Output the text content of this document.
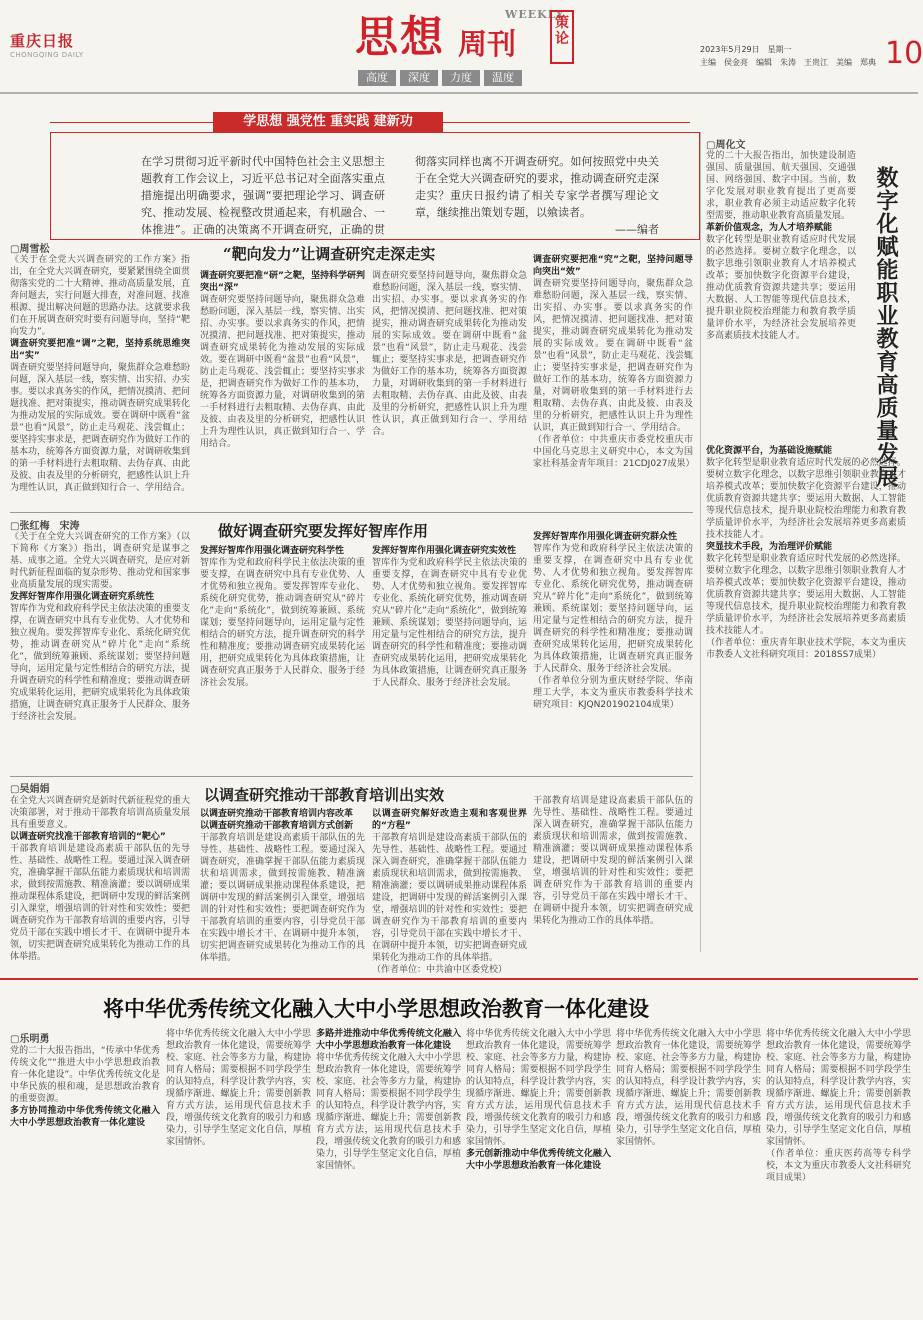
重庆日报
CHONGQING DAILY
WEEKLY
思想 周刊
策论
高度	深度	力度	温度
2023年5月29日　星期一
主编　侯金亮　编辑　朱涛　王贵江　美编　郑典 10
学思想 强党性 重实践 建新功
在学习贯彻习近平新时代中国特色社会主义思想主题教育工作会议上，习近平总书记对全面落实重点措施提出明确要求，强调“要把理论学习、调查研究、推动发展、检视整改贯通起来，有机融合、一体推进”。正确的决策离不开调查研究，正确的贯彻落实同样也离不开调查研究。如何按照党中央关于在全党大兴调查研究的要求，推动调查研究走深走实？重庆日报约请了相关专家学者撰写理论文章，继续推出策划专题，以飨读者。
——编者
▢周雪松	“靶向发力”让调查研究走深走实
《关于在全党大兴调查研究的工作方案》指出，在全党大兴调查研究，要紧紧围绕全面贯彻落实党的二十大精神、推动高质量发展，直奔问题去，实行问题大排查，对准问题、找准根源、提出解决问题的思路办法。这就要求我们在开展调查研究时要有问题导向，坚持“靶向发力”。
调查研究要把准“调”之靶，坚持系统思维突出“实”
调查研究要坚持问题导向，聚焦群众急难愁盼问题，深入基层一线，察实情、出实招、办实事。要以求真务实的作风，把情况摸清、把问题找准、把对策提实，推动调查研究成果转化为推动发展的实际成效。要在调研中既看“盆景”也看“风景”，防止走马观花、浅尝辄止；要坚持实事求是，把调查研究作为做好工作的基本功，统筹各方面资源力量，对调研收集到的第一手材料进行去粗取精、去伪存真、由此及彼、由表及里的分析研究，把感性认识上升为理性认识，真正做到知行合一、学用结合。
调查研究要把准“研”之靶，坚持科学研判突出“深”
调查研究要坚持问题导向，聚焦群众急难愁盼问题，深入基层一线，察实情、出实招、办实事。要以求真务实的作风，把情况摸清、把问题找准、把对策提实，推动调查研究成果转化为推动发展的实际成效。要在调研中既看“盆景”也看“风景”，防止走马观花、浅尝辄止；要坚持实事求是，把调查研究作为做好工作的基本功，统筹各方面资源力量，对调研收集到的第一手材料进行去粗取精、去伪存真、由此及彼、由表及里的分析研究，把感性认识上升为理性认识，真正做到知行合一、学用结合。
调查研究要坚持问题导向，聚焦群众急难愁盼问题，深入基层一线，察实情、出实招、办实事。要以求真务实的作风，把情况摸清、把问题找准、把对策提实，推动调查研究成果转化为推动发展的实际成效。要在调研中既看“盆景”也看“风景”，防止走马观花、浅尝辄止；要坚持实事求是，把调查研究作为做好工作的基本功，统筹各方面资源力量，对调研收集到的第一手材料进行去粗取精、去伪存真、由此及彼、由表及里的分析研究，把感性认识上升为理性认识，真正做到知行合一、学用结合。
调查研究要把准“究”之靶，坚持问题导向突出“效”
调查研究要坚持问题导向，聚焦群众急难愁盼问题，深入基层一线，察实情、出实招、办实事。要以求真务实的作风，把情况摸清、把问题找准、把对策提实，推动调查研究成果转化为推动发展的实际成效。要在调研中既看“盆景”也看“风景”，防止走马观花、浅尝辄止；要坚持实事求是，把调查研究作为做好工作的基本功，统筹各方面资源力量，对调研收集到的第一手材料进行去粗取精、去伪存真、由此及彼、由表及里的分析研究，把感性认识上升为理性认识，真正做到知行合一、学用结合。
（作者单位：中共重庆市委党校重庆市中国化马克思主义研究中心，本文为国家社科基金青年项目：21CDJ027成果）
▢张红梅　宋涛	做好调查研究要发挥好智库作用
《关于在全党大兴调查研究的工作方案》（以下简称《方案》）指出，调查研究是谋事之基、成事之道。全党大兴调查研究，是应对新时代新征程面临的复杂形势、推动党和国家事业高质量发展的现实需要。
发挥好智库作用强化调查研究系统性
智库作为党和政府科学民主依法决策的重要支撑，在调查研究中具有专业优势、人才优势和独立视角。要发挥智库专业化、系统化研究优势，推动调查研究从“碎片化”走向“系统化”，做到统筹兼顾、系统谋划；要坚持问题导向，运用定量与定性相结合的研究方法，提升调查研究的科学性和精准度；要推动调查研究成果转化运用，把研究成果转化为具体政策措施，让调查研究真正服务于人民群众、服务于经济社会发展。
发挥好智库作用强化调查研究科学性
智库作为党和政府科学民主依法决策的重要支撑，在调查研究中具有专业优势、人才优势和独立视角。要发挥智库专业化、系统化研究优势，推动调查研究从“碎片化”走向“系统化”，做到统筹兼顾、系统谋划；要坚持问题导向，运用定量与定性相结合的研究方法，提升调查研究的科学性和精准度；要推动调查研究成果转化运用，把研究成果转化为具体政策措施，让调查研究真正服务于人民群众、服务于经济社会发展。
发挥好智库作用强化调查研究实效性
智库作为党和政府科学民主依法决策的重要支撑，在调查研究中具有专业优势、人才优势和独立视角。要发挥智库专业化、系统化研究优势，推动调查研究从“碎片化”走向“系统化”，做到统筹兼顾、系统谋划；要坚持问题导向，运用定量与定性相结合的研究方法，提升调查研究的科学性和精准度；要推动调查研究成果转化运用，把研究成果转化为具体政策措施，让调查研究真正服务于人民群众、服务于经济社会发展。
发挥好智库作用强化调查研究群众性
智库作为党和政府科学民主依法决策的重要支撑，在调查研究中具有专业优势、人才优势和独立视角。要发挥智库专业化、系统化研究优势，推动调查研究从“碎片化”走向“系统化”，做到统筹兼顾、系统谋划；要坚持问题导向，运用定量与定性相结合的研究方法，提升调查研究的科学性和精准度；要推动调查研究成果转化运用，把研究成果转化为具体政策措施，让调查研究真正服务于人民群众、服务于经济社会发展。
（作者单位分别为重庆财经学院、华南理工大学，本文为重庆市教委科学技术研究项目：KJQN201902104成果）
▢吴娟娟	以调查研究推动干部教育培训出实效
在全党大兴调查研究是新时代新征程党的重大决策部署，对于推动干部教育培训高质量发展具有重要意义。
以调查研究找准干部教育培训的“靶心”
干部教育培训是建设高素质干部队伍的先导性、基础性、战略性工程。要通过深入调查研究，准确掌握干部队伍能力素质现状和培训需求，做到按需施教、精准滴灌；要以调研成果推动课程体系建设，把调研中发现的鲜活案例引入课堂，增强培训的针对性和实效性；要把调查研究作为干部教育培训的重要内容，引导党员干部在实践中增长才干、在调研中提升本领，切实把调查研究成果转化为推动工作的具体举措。
以调查研究推动干部教育培训内容改革
以调查研究推动干部教育培训方式创新
干部教育培训是建设高素质干部队伍的先导性、基础性、战略性工程。要通过深入调查研究，准确掌握干部队伍能力素质现状和培训需求，做到按需施教、精准滴灌；要以调研成果推动课程体系建设，把调研中发现的鲜活案例引入课堂，增强培训的针对性和实效性；要把调查研究作为干部教育培训的重要内容，引导党员干部在实践中增长才干、在调研中提升本领，切实把调查研究成果转化为推动工作的具体举措。
以调查研究解好改造主观和客观世界的“方程”
干部教育培训是建设高素质干部队伍的先导性、基础性、战略性工程。要通过深入调查研究，准确掌握干部队伍能力素质现状和培训需求，做到按需施教、精准滴灌；要以调研成果推动课程体系建设，把调研中发现的鲜活案例引入课堂，增强培训的针对性和实效性；要把调查研究作为干部教育培训的重要内容，引导党员干部在实践中增长才干、在调研中提升本领，切实把调查研究成果转化为推动工作的具体举措。
（作者单位：中共渝中区委党校）
干部教育培训是建设高素质干部队伍的先导性、基础性、战略性工程。要通过深入调查研究，准确掌握干部队伍能力素质现状和培训需求，做到按需施教、精准滴灌；要以调研成果推动课程体系建设，把调研中发现的鲜活案例引入课堂，增强培训的针对性和实效性；要把调查研究作为干部教育培训的重要内容，引导党员干部在实践中增长才干、在调研中提升本领，切实把调查研究成果转化为推动工作的具体举措。
▢周化文
数字化赋能职业教育高质量发展
党的二十大报告指出，加快建设制造强国、质量强国、航天强国、交通强国、网络强国、数字中国。当前，数字化发展对职业教育提出了更高要求，职业教育必须主动适应数字化转型需要，推动职业教育高质量发展。
革新价值观念，为人才培养赋能
数字化转型是职业教育适应时代发展的必然选择。要树立数字化理念，以数字思维引领职业教育人才培养模式改革；要加快数字化资源平台建设，推动优质教育资源共建共享；要运用大数据、人工智能等现代信息技术，提升职业院校治理能力和教育教学质量评价水平，为经济社会发展培养更多高素质技术技能人才。
优化资源平台，为基础设施赋能
数字化转型是职业教育适应时代发展的必然选择。要树立数字化理念，以数字思维引领职业教育人才培养模式改革；要加快数字化资源平台建设，推动优质教育资源共建共享；要运用大数据、人工智能等现代信息技术，提升职业院校治理能力和教育教学质量评价水平，为经济社会发展培养更多高素质技术技能人才。
突显技术手段，为治理评价赋能
数字化转型是职业教育适应时代发展的必然选择。要树立数字化理念，以数字思维引领职业教育人才培养模式改革；要加快数字化资源平台建设，推动优质教育资源共建共享；要运用大数据、人工智能等现代信息技术，提升职业院校治理能力和教育教学质量评价水平，为经济社会发展培养更多高素质技术技能人才。
（作者单位：重庆青年职业技术学院，本文为重庆市教委人文社科研究项目：2018SS7成果）
将中华优秀传统文化融入大中小学思想政治教育一体化建设
▢乐明勇
党的二十大报告指出，“传承中华优秀传统文化”“推进大中小学思想政治教育一体化建设”。中华优秀传统文化是中华民族的根和魂，是思想政治教育的重要资源。
多方协同推动中华优秀传统文化融入大中小学思想政治教育一体化建设
将中华优秀传统文化融入大中小学思想政治教育一体化建设，需要统筹学校、家庭、社会等多方力量，构建协同育人格局；需要根据不同学段学生的认知特点，科学设计教学内容，实现循序渐进、螺旋上升；需要创新教育方式方法，运用现代信息技术手段，增强传统文化教育的吸引力和感染力，引导学生坚定文化自信，厚植家国情怀。
多路并进推动中华优秀传统文化融入大中小学思想政治教育一体化建设
将中华优秀传统文化融入大中小学思想政治教育一体化建设，需要统筹学校、家庭、社会等多方力量，构建协同育人格局；需要根据不同学段学生的认知特点，科学设计教学内容，实现循序渐进、螺旋上升；需要创新教育方式方法，运用现代信息技术手段，增强传统文化教育的吸引力和感染力，引导学生坚定文化自信，厚植家国情怀。
将中华优秀传统文化融入大中小学思想政治教育一体化建设，需要统筹学校、家庭、社会等多方力量，构建协同育人格局；需要根据不同学段学生的认知特点，科学设计教学内容，实现循序渐进、螺旋上升；需要创新教育方式方法，运用现代信息技术手段，增强传统文化教育的吸引力和感染力，引导学生坚定文化自信，厚植家国情怀。
多元创新推动中华优秀传统文化融入大中小学思想政治教育一体化建设
将中华优秀传统文化融入大中小学思想政治教育一体化建设，需要统筹学校、家庭、社会等多方力量，构建协同育人格局；需要根据不同学段学生的认知特点，科学设计教学内容，实现循序渐进、螺旋上升；需要创新教育方式方法，运用现代信息技术手段，增强传统文化教育的吸引力和感染力，引导学生坚定文化自信，厚植家国情怀。
将中华优秀传统文化融入大中小学思想政治教育一体化建设，需要统筹学校、家庭、社会等多方力量，构建协同育人格局；需要根据不同学段学生的认知特点，科学设计教学内容，实现循序渐进、螺旋上升；需要创新教育方式方法，运用现代信息技术手段，增强传统文化教育的吸引力和感染力，引导学生坚定文化自信，厚植家国情怀。
（作者单位：重庆医药高等专科学校，本文为重庆市教委人文社科研究项目成果）
